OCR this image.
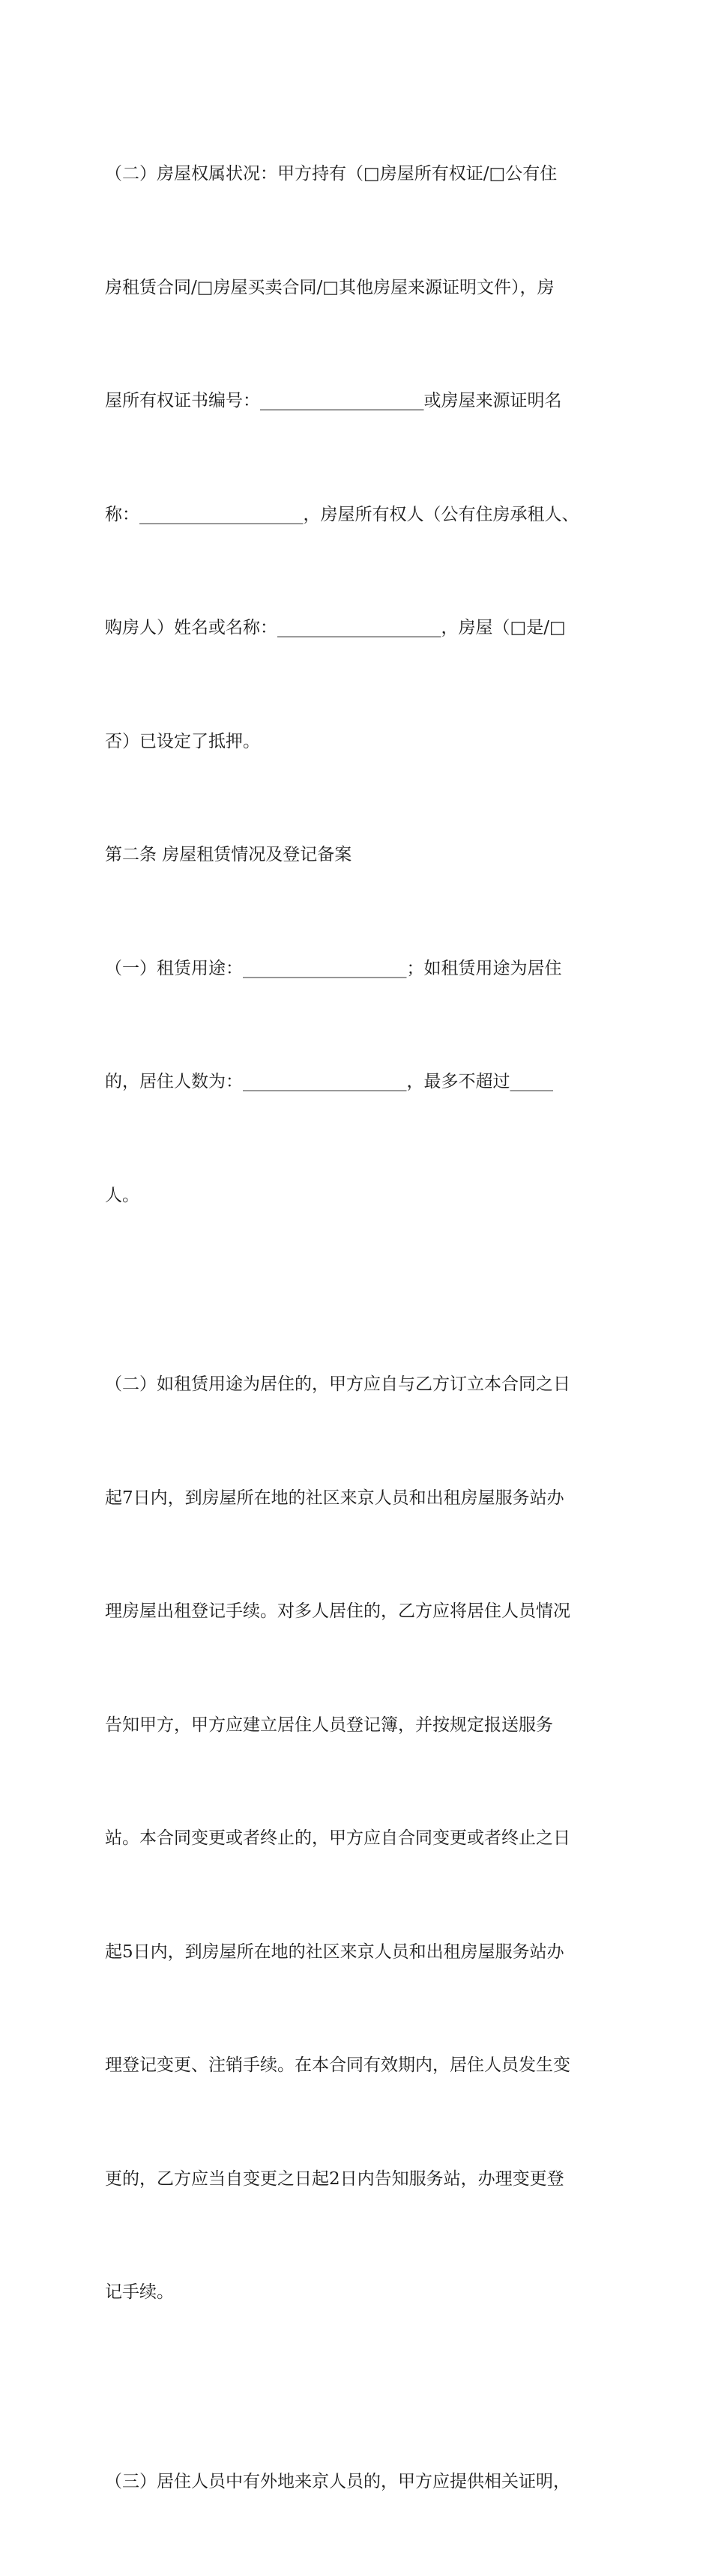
（二）房屋权属状况：甲方持有（□房屋所有权证/□公有住

房租赁合同/□房屋买卖合同/□其他房屋来源证明文件），房

屋所有权证书编号：___________________或房屋来源证明名

称：___________________，房屋所有权人（公有住房承租人、

购房人）姓名或名称：___________________，房屋（□是/□

否）已设定了抵押。

第二条 房屋租赁情况及登记备案

（一）租赁用途：___________________；如租赁用途为居住

的，居住人数为：___________________，最多不超过_____

人。

（二）如租赁用途为居住的，甲方应自与乙方订立本合同之日

起7日内，到房屋所在地的社区来京人员和出租房屋服务站办

理房屋出租登记手续。对多人居住的，乙方应将居住人员情况

告知甲方，甲方应建立居住人员登记簿，并按规定报送服务

站。本合同变更或者终止的，甲方应自合同变更或者终止之日

起5日内，到房屋所在地的社区来京人员和出租房屋服务站办

理登记变更、注销手续。在本合同有效期内，居住人员发生变

更的，乙方应当自变更之日起2日内告知服务站，办理变更登

记手续。

（三）居住人员中有外地来京人员的，甲方应提供相关证明，
